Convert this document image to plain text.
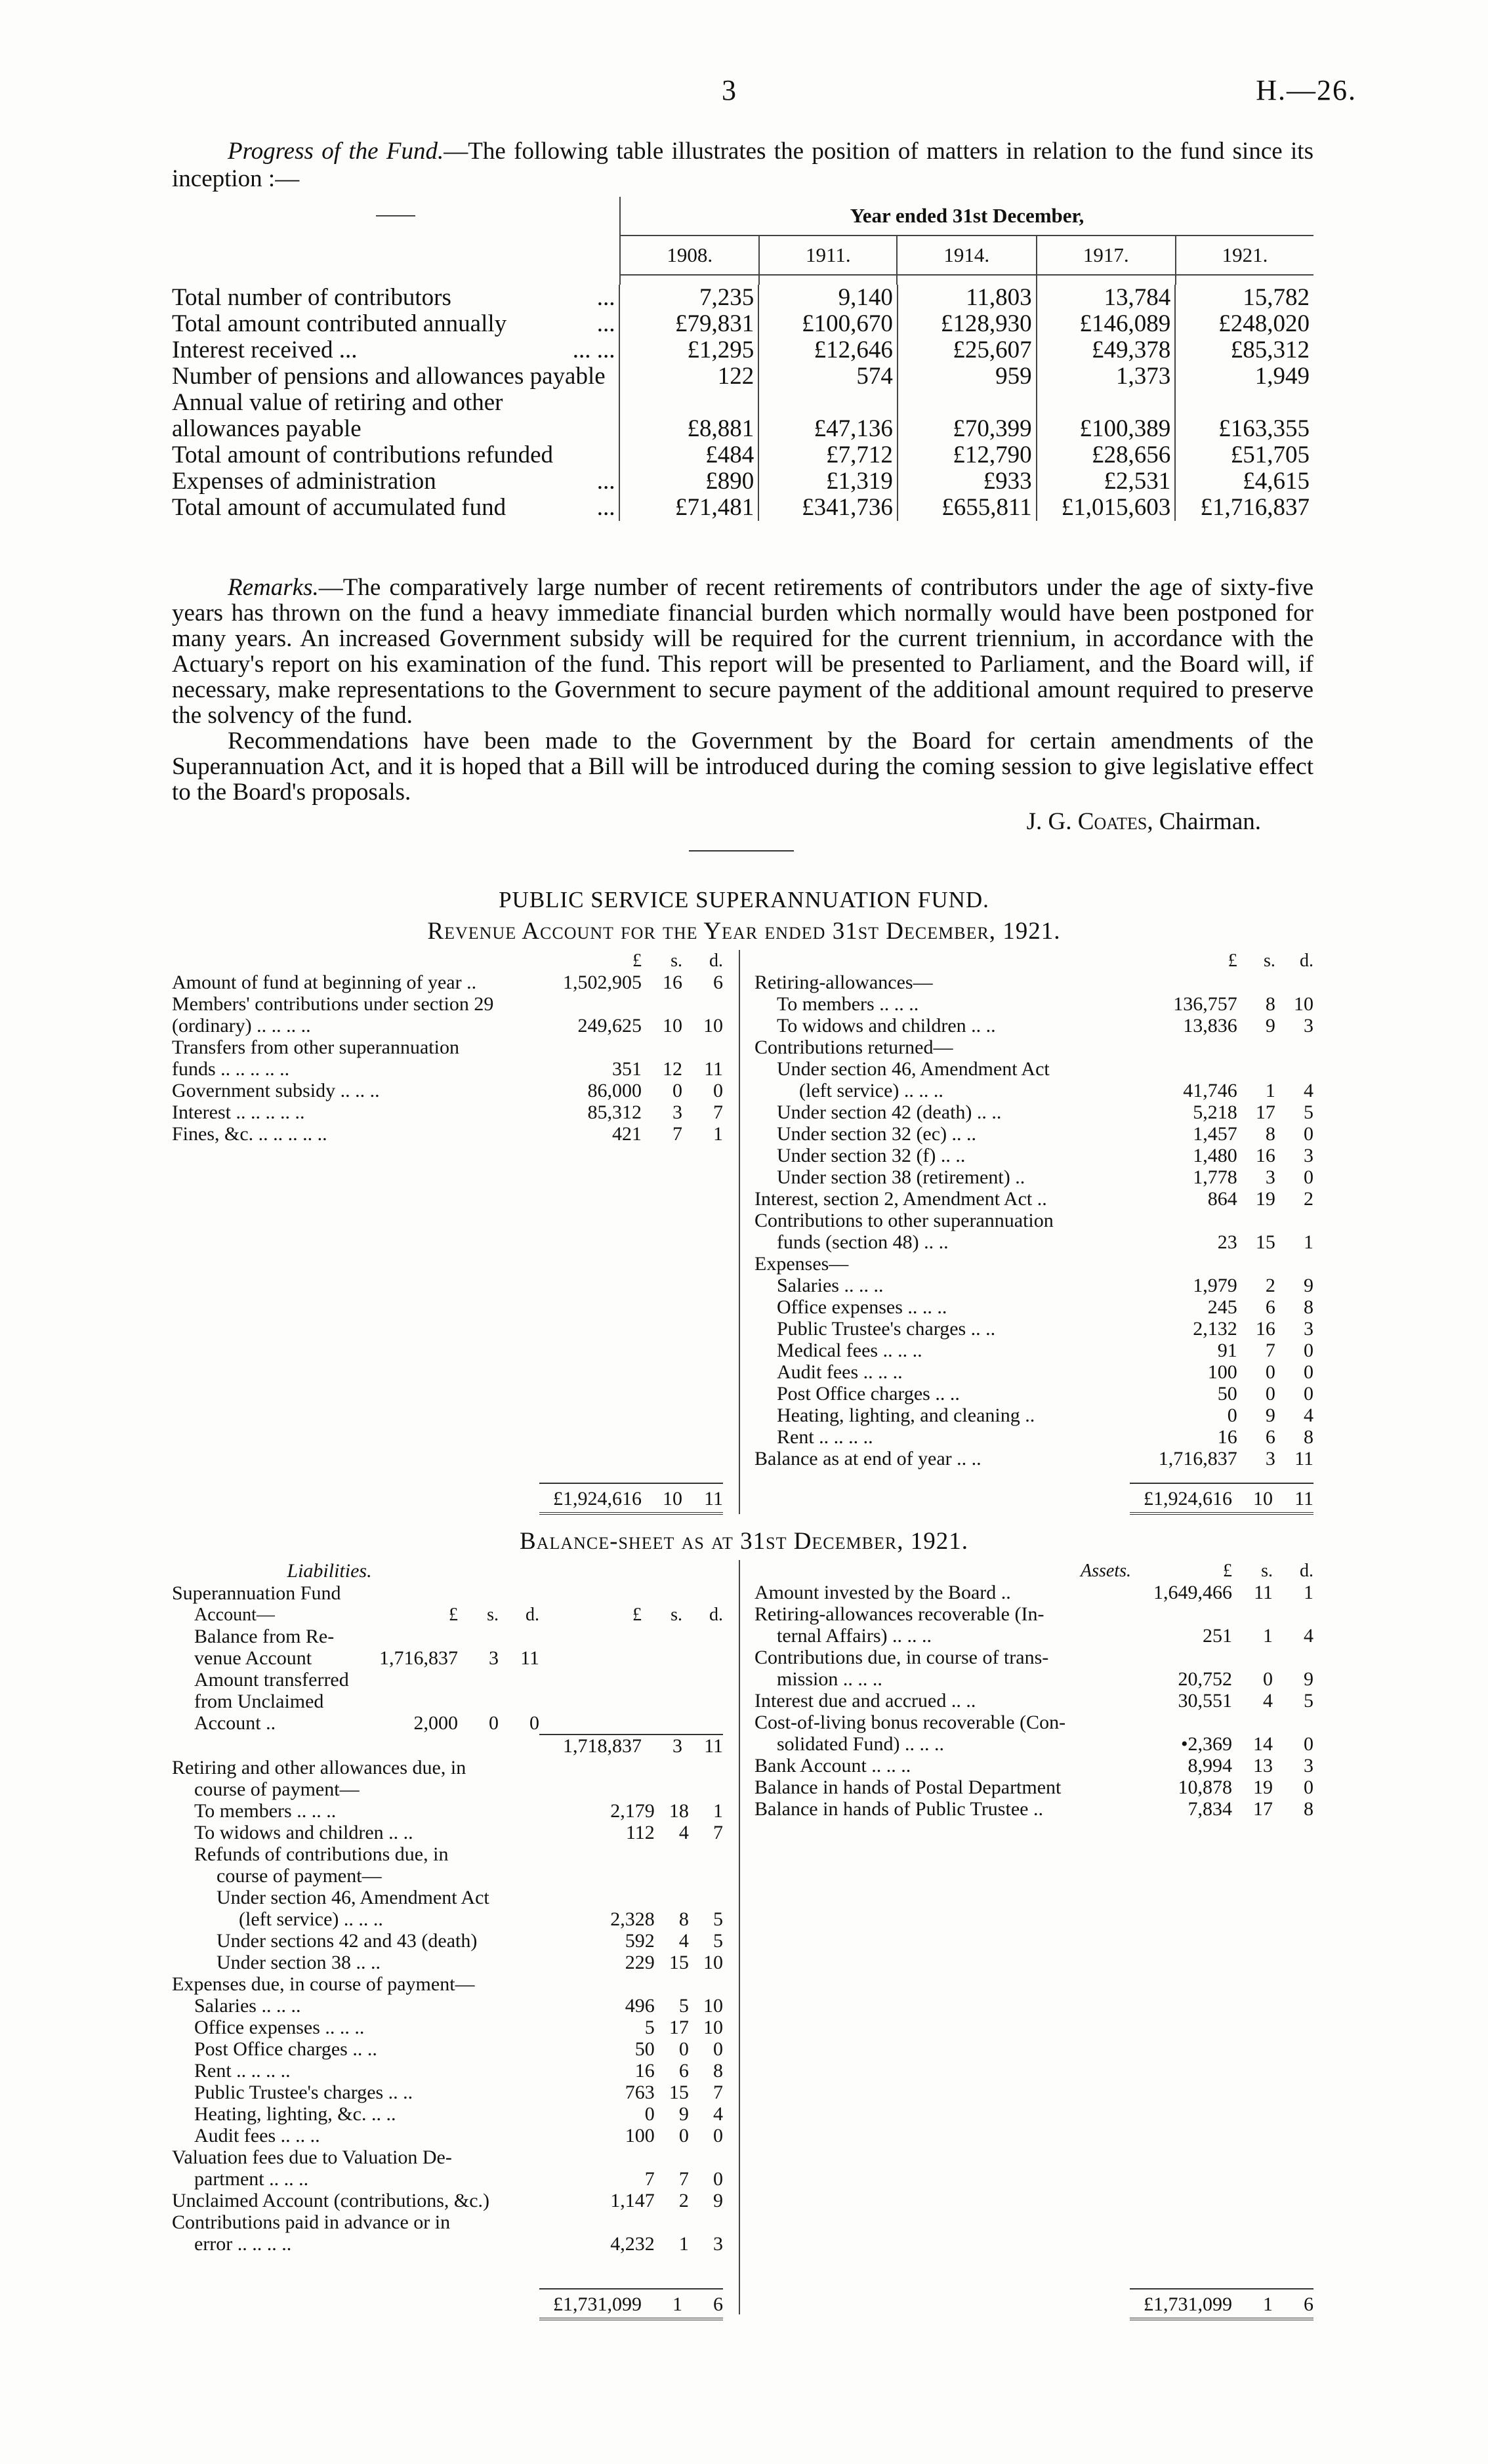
3	H.—26.
Progress of the Fund.—The following table illustrates the position of matters in relation to the fund since its inception :—
	Year ended 31st December,				
	1908.	1911.	1914.	1917.	1921.

Total number of contributors ...	7,235	9,140	11,803	13,784	15,782

Total amount contributed annually ...	£79,831	£100,670	£128,930	£146,089	£248,020

Interest received ... ... ...	£1,295	£12,646	£25,607	£49,378	£85,312

Number of pensions and allowances payable	122	574	959	1,373	1,949

Annual value of retiring and other allowances payable	£8,881	£47,136	£70,399	£100,389	£163,355

Total amount of contributions refunded	£484	£7,712	£12,790	£28,656	£51,705

Expenses of administration ...	£890	£1,319	£933	£2,531	£4,615

Total amount of accumulated fund ...	£71,481	£341,736	£655,811	£1,015,603	£1,716,837

Remarks.—The comparatively large number of recent retirements of contributors under the age of sixty-five years has thrown on the fund a heavy immediate financial burden which normally would have been postponed for many years. An increased Government subsidy will be required for the current triennium, in accordance with the Actuary's report on his examination of the fund. This report will be presented to Parliament, and the Board will, if necessary, make representations to the Government to secure payment of the additional amount required to preserve the solvency of the fund.

Recommendations have been made to the Government by the Board for certain amendments of the Superannuation Act, and it is hoped that a Bill will be introduced during the coming session to give legislative effect to the Board's proposals.

J. G. Coates, Chairman.

PUBLIC SERVICE SUPERANNUATION FUND.
Revenue Account for the Year ended 31st December, 1921.
	£	s.	d.
Amount of fund at beginning of year ..	1,502,905	16	6
Members' contributions under section 29			
(ordinary) .. .. .. ..	249,625	10	10
Transfers from other superannuation			
funds .. .. .. .. ..	351	12	11
Government subsidy .. .. ..	86,000	0	0
Interest .. .. .. .. ..	85,312	3	7
Fines, &c. .. .. .. .. ..	421	7	1
£1,924,616	10	11
	£	s.	d.
Retiring-allowances—			
To members .. .. ..	136,757	8	10
To widows and children .. ..	13,836	9	3
Contributions returned—			
Under section 46, Amendment Act			
(left service) .. .. ..	41,746	1	4
Under section 42 (death) .. ..	5,218	17	5
Under section 32 (ec) .. ..	1,457	8	0
Under section 32 (f) .. ..	1,480	16	3
Under section 38 (retirement) ..	1,778	3	0
Interest, section 2, Amendment Act ..	864	19	2
Contributions to other superannuation			
funds (section 48) .. ..	23	15	1
Expenses—			
Salaries .. .. ..	1,979	2	9
Office expenses .. .. ..	245	6	8
Public Trustee's charges .. ..	2,132	16	3
Medical fees .. .. ..	91	7	0
Audit fees .. .. ..	100	0	0
Post Office charges .. ..	50	0	0
Heating, lighting, and cleaning ..	0	9	4
Rent .. .. .. ..	16	6	8
Balance as at end of year .. ..	1,716,837	3	11
£1,924,616	10	11
Balance-sheet as at 31st December, 1921.
Liabilities.
Superannuation Fund			
Account—	£	s.	d.
Balance from Re-			
venue Account	1,716,837	3	11
Amount transferred			
from Unclaimed			
Account ..	2,000	0	0

£	s.	d.

1,718,837	3	11
Retiring and other allowances due, in			
course of payment—			
To members .. .. ..	2,179	18	1
To widows and children .. ..	112	4	7
Refunds of contributions due, in			
course of payment—			
Under section 46, Amendment Act			
(left service) .. .. ..	2,328	8	5
Under sections 42 and 43 (death)	592	4	5
Under section 38 .. ..	229	15	10
Expenses due, in course of payment—			
Salaries .. .. ..	496	5	10
Office expenses .. .. ..	5	17	10
Post Office charges .. ..	50	0	0
Rent .. .. .. ..	16	6	8
Public Trustee's charges .. ..	763	15	7
Heating, lighting, &c. .. ..	0	9	4
Audit fees .. .. ..	100	0	0
Valuation fees due to Valuation De-			
partment .. .. ..	7	7	0
Unclaimed Account (contributions, &c.)	1,147	2	9
Contributions paid in advance or in			
error .. .. .. ..	4,232	1	3
£1,731,099	1	6
Assets.	£	s.	d.
Amount invested by the Board ..	1,649,466	11	1
Retiring-allowances recoverable (In-			
ternal Affairs) .. .. ..	251	1	4
Contributions due, in course of trans-			
mission .. .. ..	20,752	0	9
Interest due and accrued .. ..	30,551	4	5
Cost-of-living bonus recoverable (Con-			
solidated Fund) .. .. ..	•2,369	14	0
Bank Account .. .. ..	8,994	13	3
Balance in hands of Postal Department	10,878	19	0
Balance in hands of Public Trustee ..	7,834	17	8
£1,731,099	1	6
